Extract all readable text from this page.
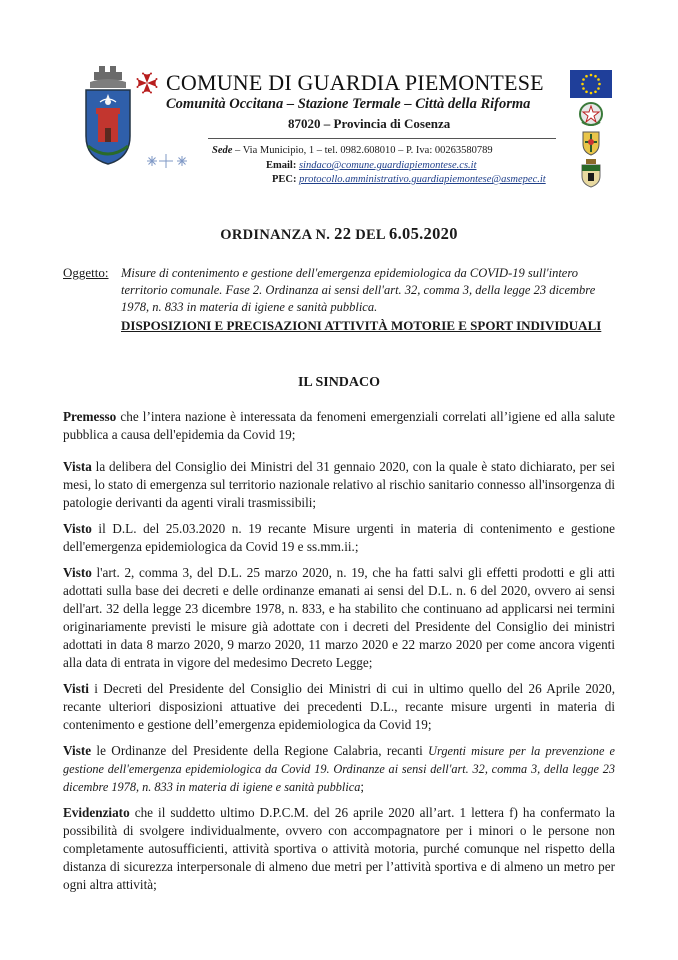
COMUNE DI GUARDIA PIEMONTESE
Comunità Occitana – Stazione Termale – Città della Riforma
87020 – Provincia di Cosenza
Sede – Via Municipio, 1 – tel. 0982.608010 – P. Iva: 00263580789
Email: sindaco@comune.guardiapiemontese.cs.it
PEC: protocollo.amministrativo.guardiapiemontese@asmepec.it
ORDINANZA N. 22 DEL 6.05.2020
Oggetto: Misure di contenimento e gestione dell'emergenza epidemiologica da COVID-19 sull'intero territorio comunale. Fase 2. Ordinanza ai sensi dell'art. 32, comma 3, della legge 23 dicembre 1978, n. 833 in materia di igiene e sanità pubblica.
DISPOSIZIONI E PRECISAZIONI ATTIVITÀ MOTORIE E SPORT INDIVIDUALI
IL SINDACO
Premesso che l’intera nazione è interessata da fenomeni emergenziali correlati all’igiene ed alla salute pubblica a causa dell'epidemia da Covid 19;
Vista la delibera del Consiglio dei Ministri del 31 gennaio 2020, con la quale è stato dichiarato, per sei mesi, lo stato di emergenza sul territorio nazionale relativo al rischio sanitario connesso all'insorgenza di patologie derivanti da agenti virali trasmissibili;
Visto il D.L. del 25.03.2020 n. 19 recante Misure urgenti in materia di contenimento e gestione dell'emergenza epidemiologica da Covid 19 e ss.mm.ii.;
Visto l'art. 2, comma 3, del D.L. 25 marzo 2020, n. 19, che ha fatti salvi gli effetti prodotti e gli atti adottati sulla base dei decreti e delle ordinanze emanati ai sensi del D.L. n. 6 del 2020, ovvero ai sensi dell'art. 32 della legge 23 dicembre 1978, n. 833, e ha stabilito che continuano ad applicarsi nei termini originariamente previsti le misure già adottate con i decreti del Presidente del Consiglio dei ministri adottati in data 8 marzo 2020, 9 marzo 2020, 11 marzo 2020 e 22 marzo 2020 per come ancora vigenti alla data di entrata in vigore del medesimo Decreto Legge;
Visti i Decreti del Presidente del Consiglio dei Ministri di cui in ultimo quello del 26 Aprile 2020, recante ulteriori disposizioni attuative dei precedenti D.L., recante misure urgenti in materia di contenimento e gestione dell’emergenza epidemiologica da Covid 19;
Viste le Ordinanze del Presidente della Regione Calabria, recanti Urgenti misure per la prevenzione e gestione dell'emergenza epidemiologica da Covid 19. Ordinanze ai sensi dell'art. 32, comma 3, della legge 23 dicembre 1978, n. 833 in materia di igiene e sanità pubblica;
Evidenziato che il suddetto ultimo D.P.C.M. del 26 aprile 2020 all’art. 1 lettera f) ha confermato la possibilità di svolgere individualmente, ovvero con accompagnatore per i minori o le persone non completamente autosufficienti, attività sportiva o attività motoria, purché comunque nel rispetto della distanza di sicurezza interpersonale di almeno due metri per l’attività sportiva e di almeno un metro per ogni altra attività;
